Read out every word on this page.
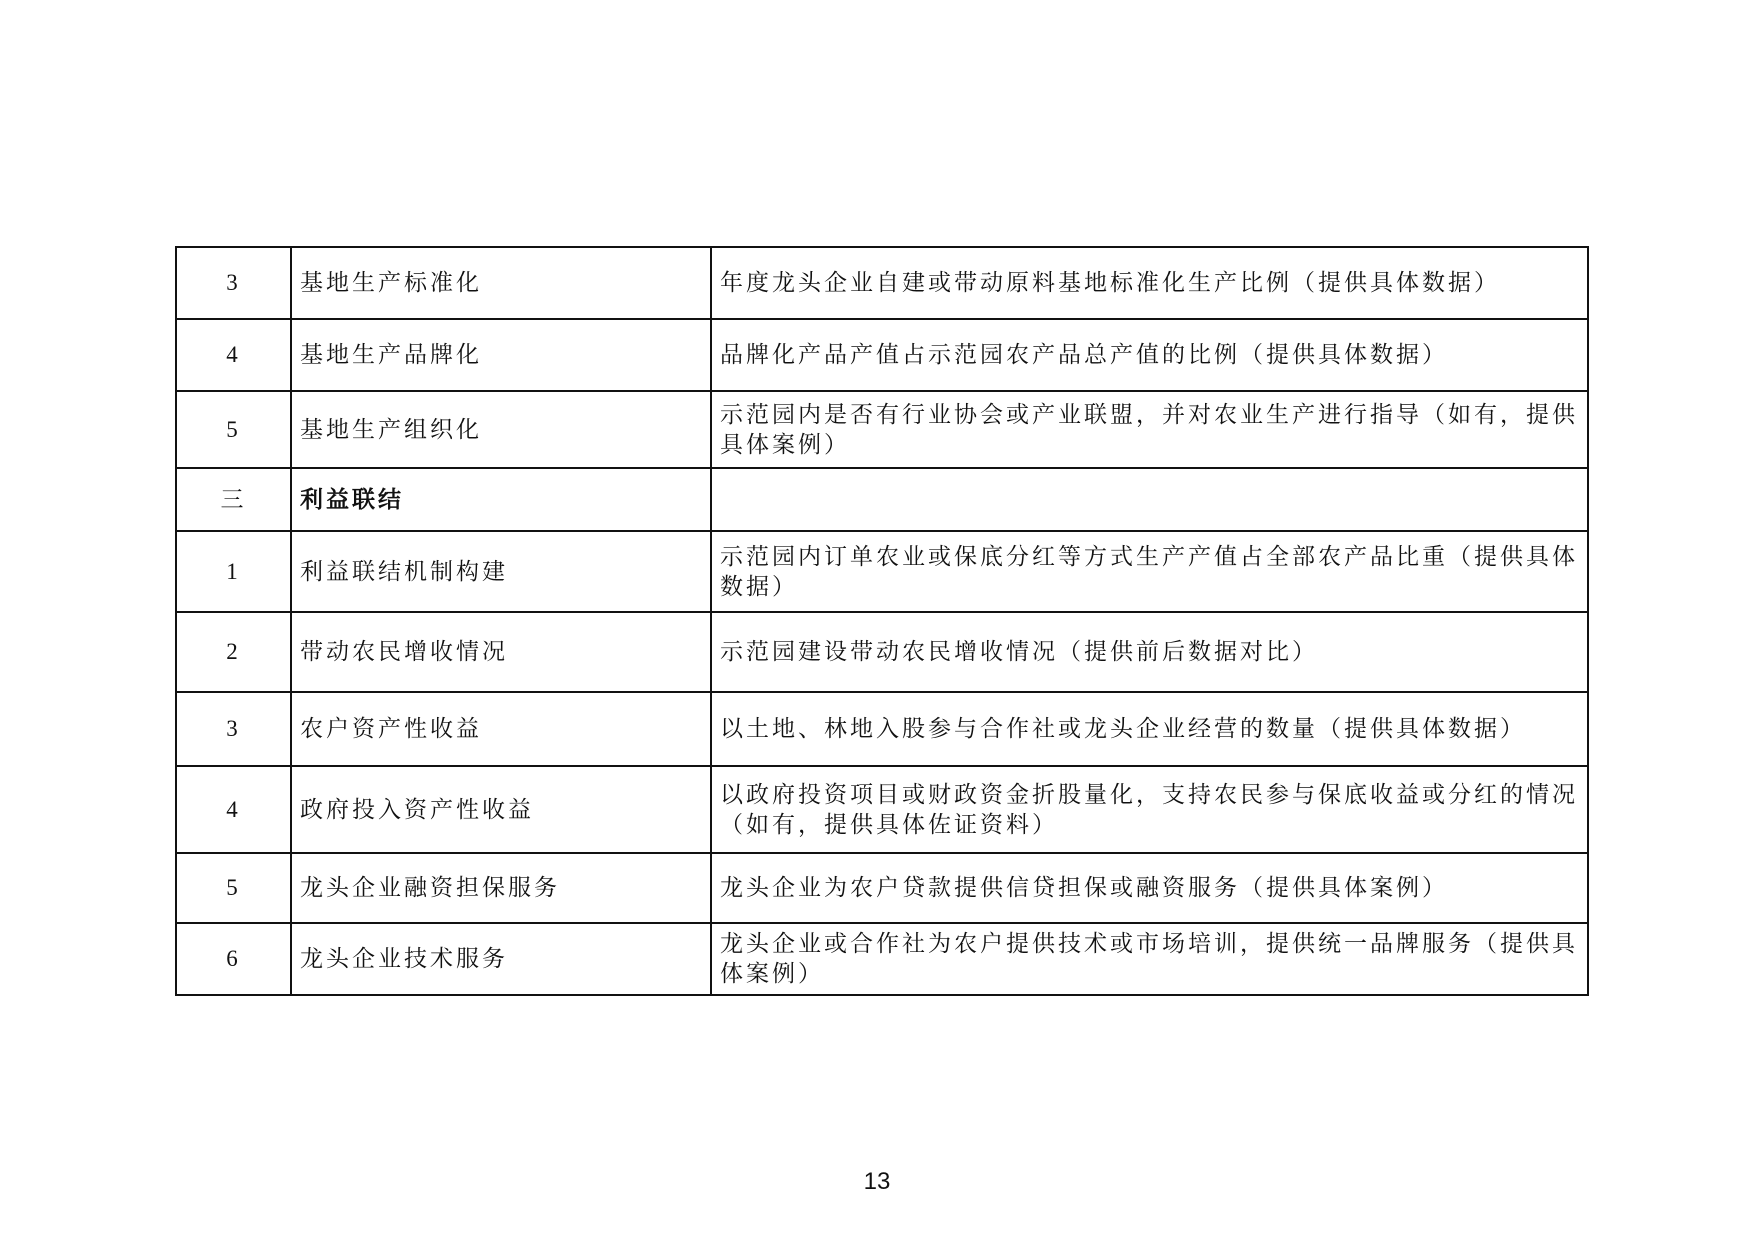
3	基地生产标准化	年度龙头企业自建或带动原料基地标准化生产比例（提供具体数据）
4	基地生产品牌化	品牌化产品产值占示范园农产品总产值的比例（提供具体数据）
5	基地生产组织化	示范园内是否有行业协会或产业联盟，并对农业生产进行指导（如有，提供具体案例）
三	利益联结	
1	利益联结机制构建	示范园内订单农业或保底分红等方式生产产值占全部农产品比重（提供具体数据）
2	带动农民增收情况	示范园建设带动农民增收情况（提供前后数据对比）
3	农户资产性收益	以土地、林地入股参与合作社或龙头企业经营的数量（提供具体数据）
4	政府投入资产性收益	以政府投资项目或财政资金折股量化，支持农民参与保底收益或分红的情况（如有，提供具体佐证资料）
5	龙头企业融资担保服务	龙头企业为农户贷款提供信贷担保或融资服务（提供具体案例）
6	龙头企业技术服务	龙头企业或合作社为农户提供技术或市场培训，提供统一品牌服务（提供具体案例）
13
